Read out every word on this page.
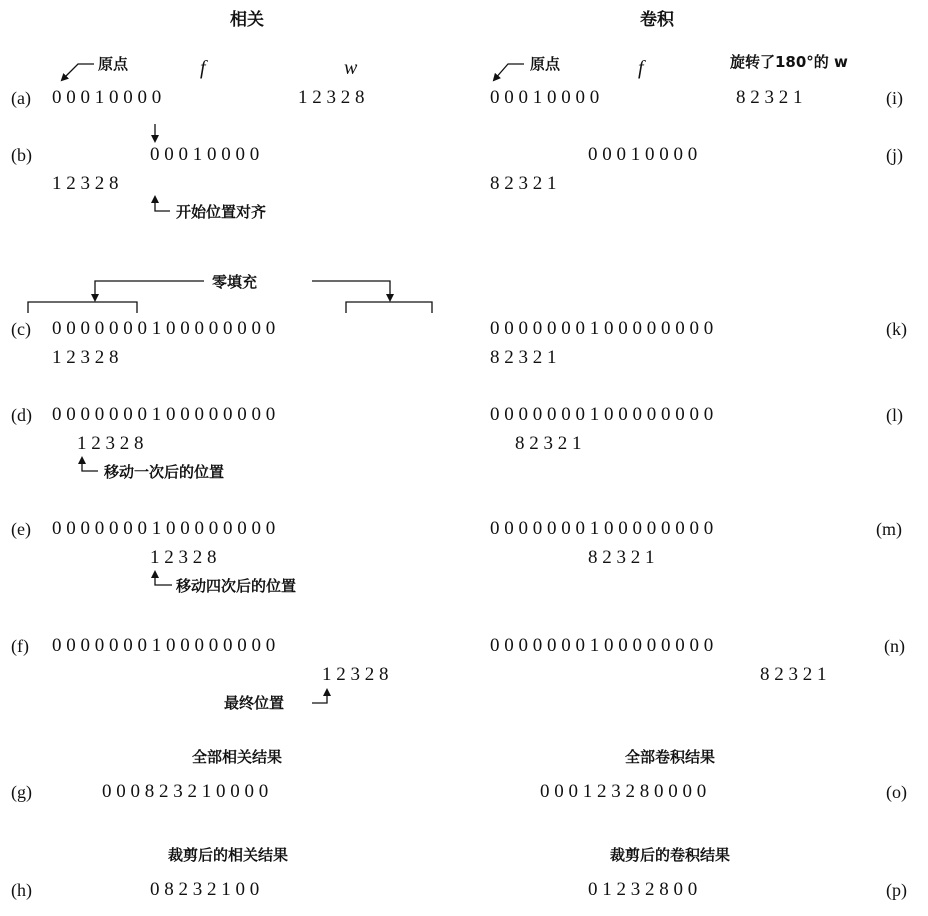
相关	卷积
(a)
(b)
(c)
(d)
(e)
(f)
(g)
(h)
(i)
(j)
(k)
(l)
(m)
(n)
(o)
(p)
原点	f	w	原点	f	旋转了180°的 w
0 0 0 1 0 0 0 0	1 2 3 2 8	0 0 0 1 0 0 0 0	8 2 3 2 1
0 0 0 1 0 0 0 0
1 2 3 2 8
开始位置对齐
0 0 0 1 0 0 0 0
8 2 3 2 1
零填充
0 0 0 0 0 0 0 1 0 0 0 0 0 0 0 0
1 2 3 2 8
0 0 0 0 0 0 0 1 0 0 0 0 0 0 0 0
8 2 3 2 1
0 0 0 0 0 0 0 1 0 0 0 0 0 0 0 0
1 2 3 2 8
移动一次后的位置
0 0 0 0 0 0 0 1 0 0 0 0 0 0 0 0
8 2 3 2 1
0 0 0 0 0 0 0 1 0 0 0 0 0 0 0 0
1 2 3 2 8
移动四次后的位置
0 0 0 0 0 0 0 1 0 0 0 0 0 0 0 0
8 2 3 2 1
0 0 0 0 0 0 0 1 0 0 0 0 0 0 0 0
1 2 3 2 8
最终位置
0 0 0 0 0 0 0 1 0 0 0 0 0 0 0 0
8 2 3 2 1
全部相关结果
0 0 0 8 2 3 2 1 0 0 0 0
全部卷积结果
0 0 0 1 2 3 2 8 0 0 0 0
裁剪后的相关结果
0 8 2 3 2 1 0 0
裁剪后的卷积结果
0 1 2 3 2 8 0 0
